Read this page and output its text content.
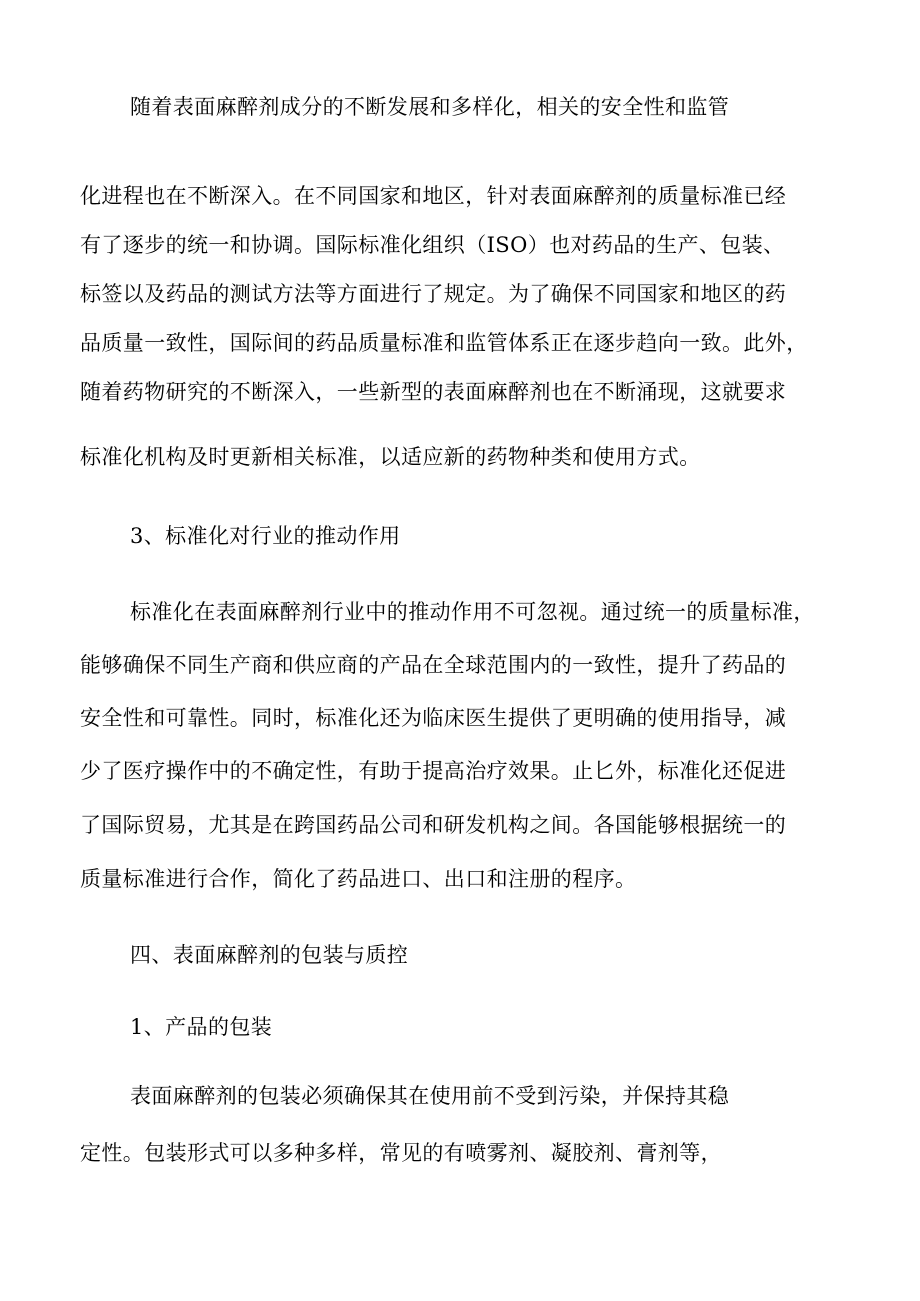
随着表面麻醉剂成分的不断发展和多样化，相关的安全性和监管
化进程也在不断深入。在不同国家和地区，针对表面麻醉剂的质量标准已经
有了逐步的统一和协调。国际标准化组织（ISO）也对药品的生产、包装、
标签以及药品的测试方法等方面进行了规定。为了确保不同国家和地区的药
品质量一致性，国际间的药品质量标准和监管体系正在逐步趋向一致。此外，
随着药物研究的不断深入，一些新型的表面麻醉剂也在不断涌现，这就要求
标准化机构及时更新相关标准，以适应新的药物种类和使用方式。
3、标准化对行业的推动作用
标准化在表面麻醉剂行业中的推动作用不可忽视。通过统一的质量标准，
能够确保不同生产商和供应商的产品在全球范围内的一致性，提升了药品的
安全性和可靠性。同时，标准化还为临床医生提供了更明确的使用指导，减
少了医疗操作中的不确定性，有助于提高治疗效果。止匕外，标准化还促进
了国际贸易，尤其是在跨国药品公司和研发机构之间。各国能够根据统一的
质量标准进行合作，简化了药品进口、出口和注册的程序。
四、表面麻醉剂的包装与质控
1、产品的包装
表面麻醉剂的包装必须确保其在使用前不受到污染，并保持其稳
定性。包装形式可以多种多样，常见的有喷雾剂、凝胶剂、膏剂等，
